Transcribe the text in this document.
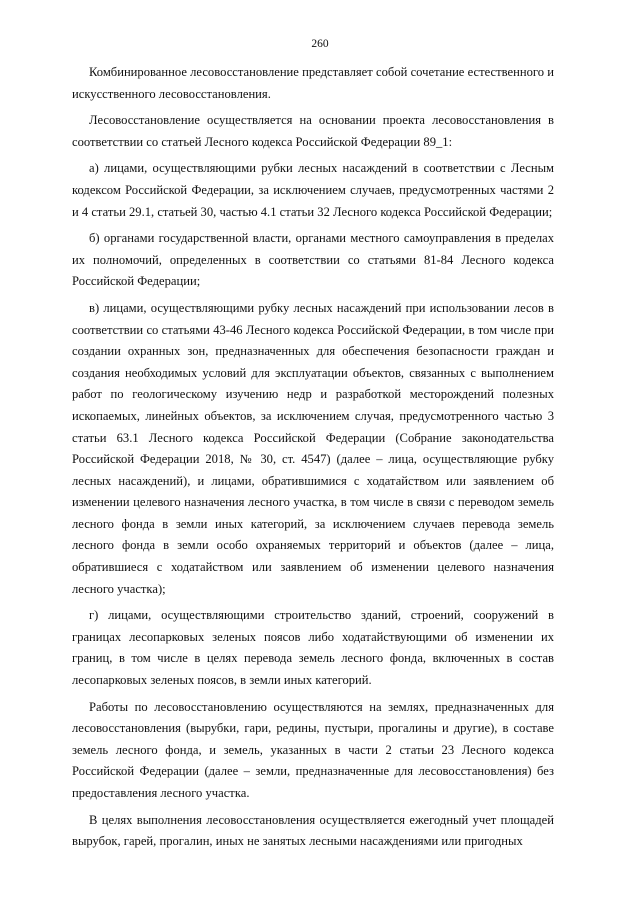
260

Комбинированное лесовосстановление представляет собой сочетание естественного и искусственного лесовосстановления.

Лесовосстановление осуществляется на основании проекта лесовосстановления в соответствии со статьей Лесного кодекса Российской Федерации 89_1:

а) лицами, осуществляющими рубки лесных насаждений в соответствии с Лесным кодексом Российской Федерации, за исключением случаев, предусмотренных частями 2 и 4 статьи 29.1, статьей 30, частью 4.1 статьи 32 Лесного кодекса Российской Федерации;

б) органами государственной власти, органами местного самоуправления в пределах их полномочий, определенных в соответствии со статьями 81-84 Лесного кодекса Российской Федерации;

в) лицами, осуществляющими рубку лесных насаждений при использовании лесов в соответствии со статьями 43-46 Лесного кодекса Российской Федерации, в том числе при создании охранных зон, предназначенных для обеспечения безопасности граждан и создания необходимых условий для эксплуатации объектов, связанных с выполнением работ по геологическому изучению недр и разработкой месторождений полезных ископаемых, линейных объектов, за исключением случая, предусмотренного частью 3 статьи 63.1 Лесного кодекса Российской Федерации (Собрание законодательства Российской Федерации 2018, № 30, ст. 4547) (далее – лица, осуществляющие рубку лесных насаждений), и лицами, обратившимися с ходатайством или заявлением об изменении целевого назначения лесного участка, в том числе в связи с переводом земель лесного фонда в земли иных категорий, за исключением случаев перевода земель лесного фонда в земли особо охраняемых территорий и объектов (далее – лица, обратившиеся с ходатайством или заявлением об изменении целевого назначения лесного участка);

г) лицами, осуществляющими строительство зданий, строений, сооружений в границах лесопарковых зеленых поясов либо ходатайствующими об изменении их границ, в том числе в целях перевода земель лесного фонда, включенных в состав лесопарковых зеленых поясов, в земли иных категорий.

Работы по лесовосстановлению осуществляются на землях, предназначенных для лесовосстановления (вырубки, гари, редины, пустыри, прогалины и другие), в составе земель лесного фонда, и земель, указанных в части 2 статьи 23 Лесного кодекса Российской Федерации (далее – земли, предназначенные для лесовосстановления) без предоставления лесного участка.

В целях выполнения лесовосстановления осуществляется ежегодный учет площадей вырубок, гарей, прогалин, иных не занятых лесными насаждениями или пригодных
